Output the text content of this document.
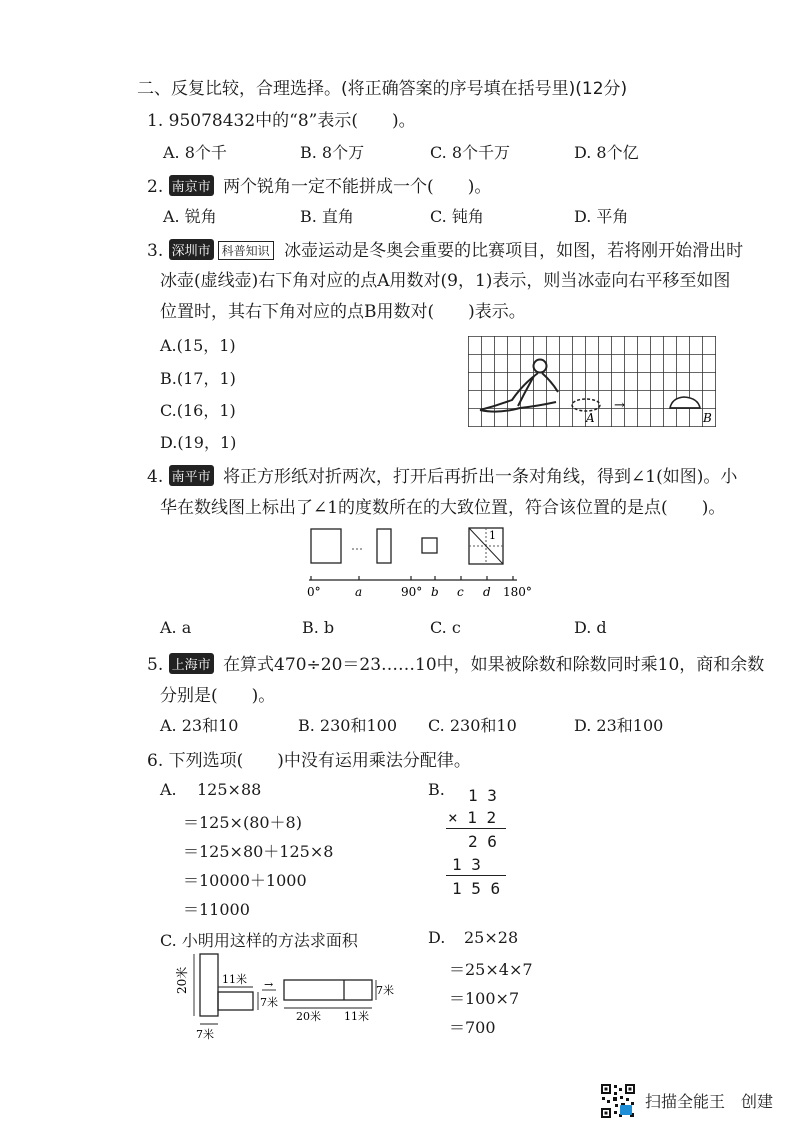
二、反复比较，合理选择。(将正确答案的序号填在括号里)(12分)
1. 95078432中的“8”表示(　　)。
A. 8个千	B. 8个万	C. 8个千万	D. 8个亿
2. 南京市 两个锐角一定不能拼成一个(　　)。
A. 锐角	B. 直角	C. 钝角	D. 平角
3. 深圳市 科普知识 冰壶运动是冬奥会重要的比赛项目，如图，若将刚开始滑出时
冰壶(虚线壶)右下角对应的点A用数对(9，1)表示，则当冰壶向右平移至如图
位置时，其右下角对应的点B用数对(　　)表示。
A.(15，1)
B.(17，1)
C.(16，1)
D.(19，1)
A
→
B
4. 南平市 将正方形纸对折两次，打开后再折出一条对角线，得到∠1(如图)。小
华在数线图上标出了∠1的度数所在的大致位置，符合该位置的是点(　　)。
1
0°	a	90° b c d 180°
A. a	B. b	C. c	D. d
5. 上海市 在算式470÷20＝23……10中，如果被除数和除数同时乘10，商和余数
分别是(　　)。
A. 23和10	B. 230和100 C. 230和10	D. 23和100
6. 下列选项(　　)中没有运用乘法分配律。
A. 125×88
＝125×(80＋8)
＝125×80＋125×8
＝10000＋1000
＝11000
B. 1 3
× 1 2
2 6
1 3
1 5 6
C. 小明用这样的方法求面积
→
20米	11米
7米
7米
20米 11米
7米
D. 25×28
＝25×4×7
＝100×7
＝700
扫描全能王　创建
